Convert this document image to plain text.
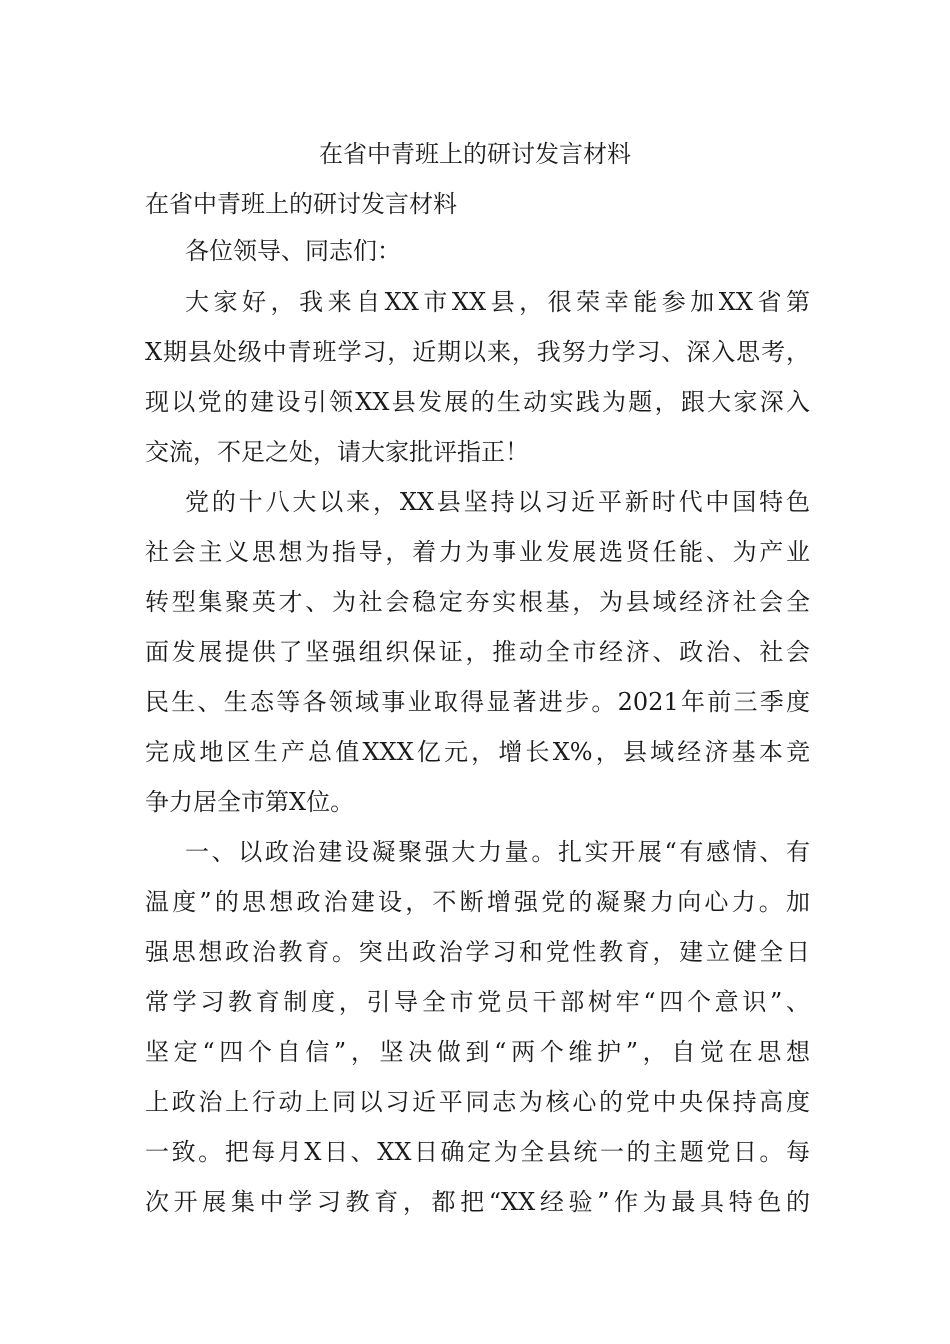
在省中青班上的研讨发言材料

在省中青班上的研讨发言材料

各位领导、同志们：

大家好，我来自XX市XX县，很荣幸能参加XX省第

X期县处级中青班学习，近期以来，我努力学习、深入思考，

现以党的建设引领XX县发展的生动实践为题，跟大家深入

交流，不足之处，请大家批评指正！

党的十八大以来，XX县坚持以习近平新时代中国特色

社会主义思想为指导，着力为事业发展选贤任能、为产业

转型集聚英才、为社会稳定夯实根基，为县域经济社会全

面发展提供了坚强组织保证，推动全市经济、政治、社会

民生、生态等各领域事业取得显著进步。2021年前三季度

完成地区生产总值XXX亿元，增长X%，县域经济基本竞

争力居全市第X位。

一、以政治建设凝聚强大力量。扎实开展“有感情、有

温度”的思想政治建设，不断增强党的凝聚力向心力。加

强思想政治教育。突出政治学习和党性教育，建立健全日

常学习教育制度，引导全市党员干部树牢“四个意识”、

坚定“四个自信”，坚决做到“两个维护”，自觉在思想

上政治上行动上同以习近平同志为核心的党中央保持高度

一致。把每月X日、XX日确定为全县统一的主题党日。每

次开展集中学习教育，都把“XX经验”作为最具特色的
